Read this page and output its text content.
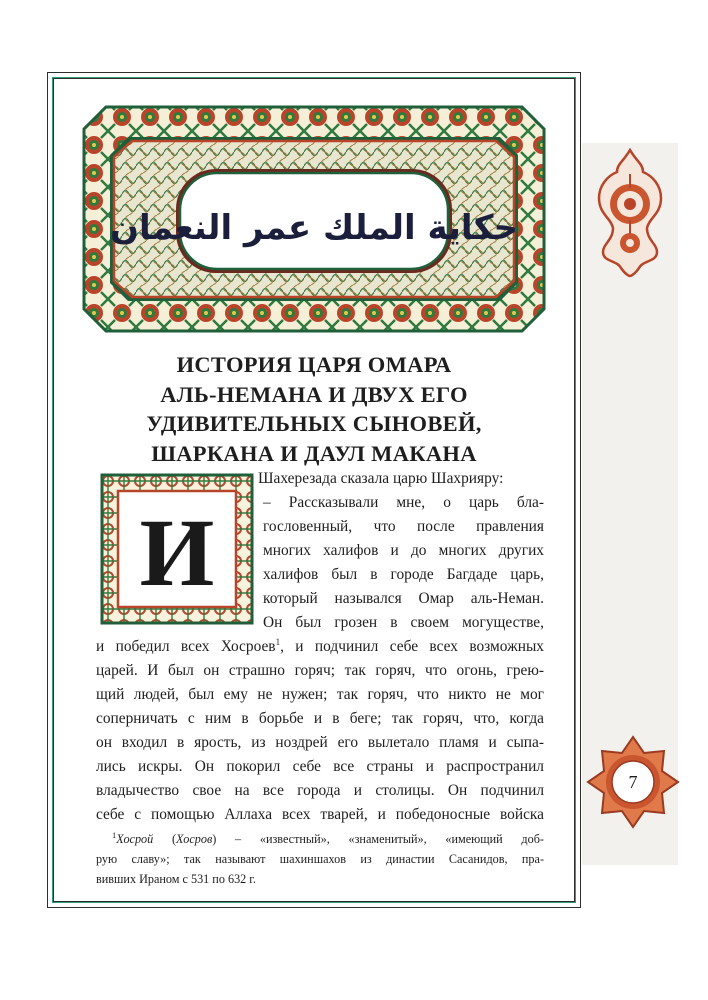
حكاية الملك عمر النعمان
ИСТОРИЯ ЦАРЯ ОМАРА
АЛЬ-НЕМАНА И ДВУХ ЕГО
УДИВИТЕЛЬНЫХ СЫНОВЕЙ,
ШАРКАНА И ДАУЛ МАКАНА
И
Шахерезада сказала царю Шахрияру:
– Рассказывали мне, о царь бла-
гословенный, что после правления
многих халифов и до многих других
халифов был в городе Багдаде царь,
который назывался Омар аль-Неман.
Он был грозен в своем могуществе,
и победил всех Хосроев$^1$, и подчинил себе всех возможных
царей. И был он страшно горяч; так горяч, что огонь, грею-
щий людей, был ему не нужен; так горяч, что никто не мог
соперничать с ним в борьбе и в беге; так горяч, что, когда
он входил в ярость, из ноздрей его вылетало пламя и сыпа-
лись искры. Он покорил себе все страны и распространил
владычество свое на все города и столицы. Он подчинил
себе с помощью Аллаха всех тварей, и победоносные войска
$^1$Хосрой (Хосров) – «известный», «знаменитый», «имеющий доб-
рую славу»; так называют шахиншахов из династии Сасанидов, пра-
вивших Ираном с 531 по 632 г.
7
